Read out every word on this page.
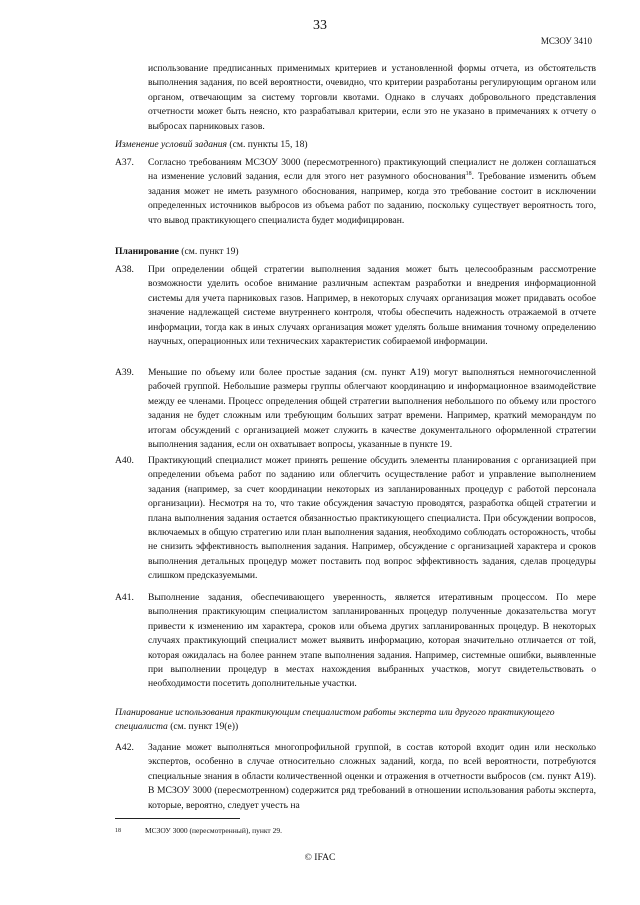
33
МСЗОУ 3410
использование предписанных применимых критериев и установленной формы отчета, из обстоятельств выполнения задания, по всей вероятности, очевидно, что критерии разработаны регулирующим органом или органом, отвечающим за систему торговли квотами. Однако в случаях добровольного представления отчетности может быть неясно, кто разрабатывал критерии, если это не указано в примечаниях к отчету о выбросах парниковых газов.
Изменение условий задания (см. пункты 15, 18)
A37. Согласно требованиям МСЗОУ 3000 (пересмотренного) практикующий специалист не должен соглашаться на изменение условий задания, если для этого нет разумного обоснования$^{18}$. Требование изменить объем задания может не иметь разумного обоснования, например, когда это требование состоит в исключении определенных источников выбросов из объема работ по заданию, поскольку существует вероятность того, что вывод практикующего специалиста будет модифицирован.
Планирование (см. пункт 19)
A38. При определении общей стратегии выполнения задания может быть целесообразным рассмотрение возможности уделить особое внимание различным аспектам разработки и внедрения информационной системы для учета парниковых газов. Например, в некоторых случаях организация может придавать особое значение надлежащей системе внутреннего контроля, чтобы обеспечить надежность отражаемой в отчете информации, тогда как в иных случаях организация может уделять больше внимания точному определению научных, операционных или технических характеристик собираемой информации.
A39. Меньшие по объему или более простые задания (см. пункт A19) могут выполняться немногочисленной рабочей группой. Небольшие размеры группы облегчают координацию и информационное взаимодействие между ее членами. Процесс определения общей стратегии выполнения небольшого по объему или простого задания не будет сложным или требующим больших затрат времени. Например, краткий меморандум по итогам обсуждений с организацией может служить в качестве документального оформленной стратегии выполнения задания, если он охватывает вопросы, указанные в пункте 19.
A40. Практикующий специалист может принять решение обсудить элементы планирования с организацией при определении объема работ по заданию или облегчить осуществление работ и управление выполнением задания (например, за счет координации некоторых из запланированных процедур с работой персонала организации). Несмотря на то, что такие обсуждения зачастую проводятся, разработка общей стратегии и плана выполнения задания остается обязанностью практикующего специалиста. При обсуждении вопросов, включаемых в общую стратегию или план выполнения задания, необходимо соблюдать осторожность, чтобы не снизить эффективность выполнения задания. Например, обсуждение с организацией характера и сроков выполнения детальных процедур может поставить под вопрос эффективность задания, сделав процедуры слишком предсказуемыми.
A41. Выполнение задания, обеспечивающего уверенность, является итеративным процессом. По мере выполнения практикующим специалистом запланированных процедур полученные доказательства могут привести к изменению им характера, сроков или объема других запланированных процедур. В некоторых случаях практикующий специалист может выявить информацию, которая значительно отличается от той, которая ожидалась на более раннем этапе выполнения задания. Например, системные ошибки, выявленные при выполнении процедур в местах нахождения выбранных участков, могут свидетельствовать о необходимости посетить дополнительные участки.
Планирование использования практикующим специалистом работы эксперта или другого практикующего специалиста (см. пункт 19(e))
A42. Задание может выполняться многопрофильной группой, в состав которой входит один или несколько экспертов, особенно в случае относительно сложных заданий, когда, по всей вероятности, потребуются специальные знания в области количественной оценки и отражения в отчетности выбросов (см. пункт A19). В МСЗОУ 3000 (пересмотренном) содержится ряд требований в отношении использования работы эксперта, которые, вероятно, следует учесть на
18	МСЗОУ 3000 (пересмотренный), пункт 29.
© IFAC
